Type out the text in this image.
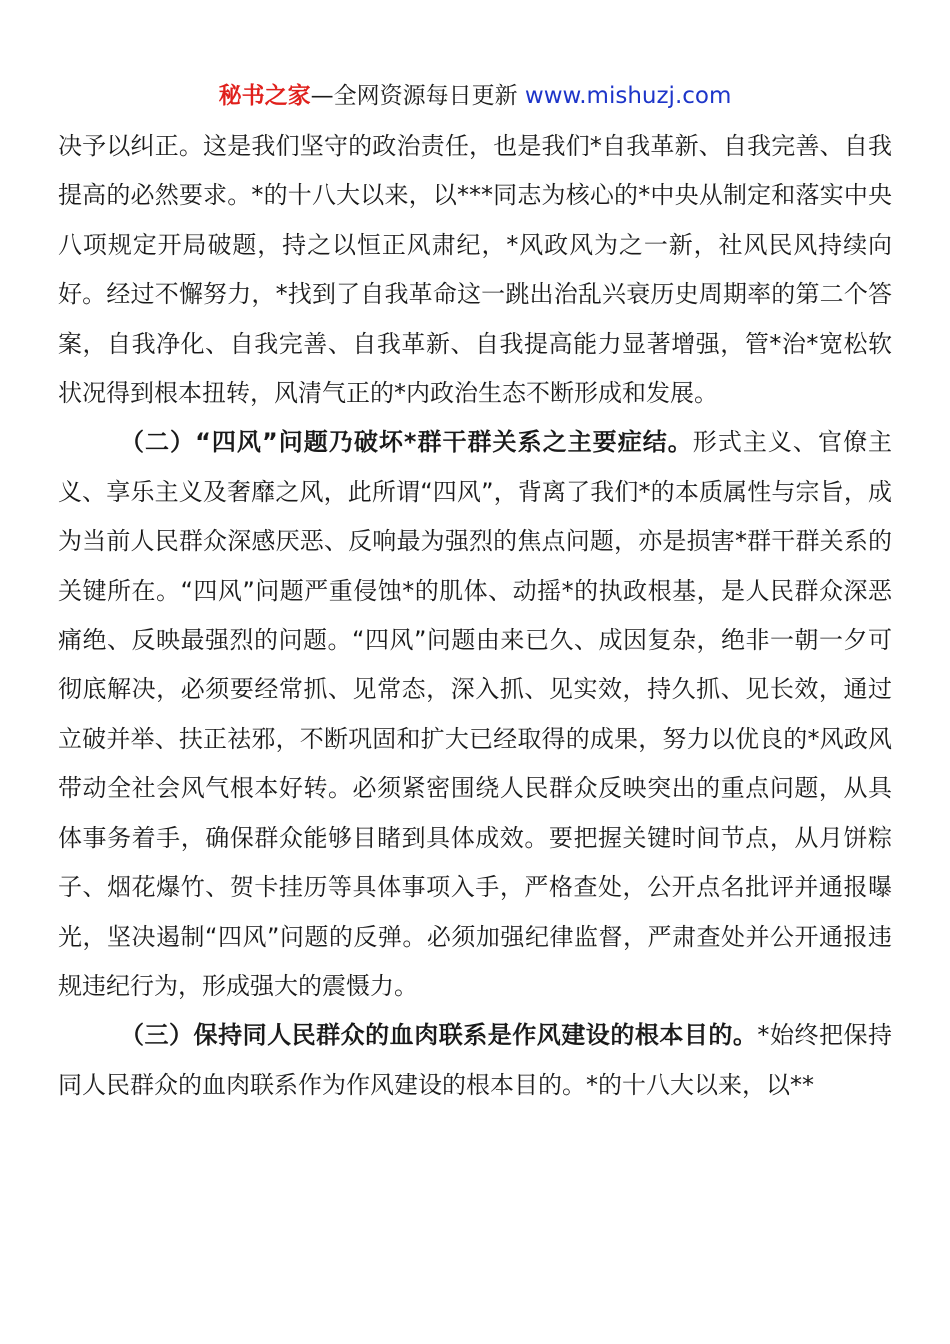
秘书之家—全网资源每日更新 www.mishuzj.com

决予以纠正。这是我们坚守的政治责任，也是我们*自我革新、自我完善、自我提高的必然要求。*的十八大以来，以***同志为核心的*中央从制定和落实中央八项规定开局破题，持之以恒正风肃纪，*风政风为之一新，社风民风持续向好。经过不懈努力，*找到了自我革命这一跳出治乱兴衰历史周期率的第二个答案，自我净化、自我完善、自我革新、自我提高能力显著增强，管*治*宽松软状况得到根本扭转，风清气正的*内政治生态不断形成和发展。

（二）“四风”问题乃破坏*群干群关系之主要症结。形式主义、官僚主义、享乐主义及奢靡之风，此所谓“四风”，背离了我们*的本质属性与宗旨，成为当前人民群众深感厌恶、反响最为强烈的焦点问题，亦是损害*群干群关系的关键所在。“四风”问题严重侵蚀*的肌体、动摇*的执政根基，是人民群众深恶痛绝、反映最强烈的问题。“四风”问题由来已久、成因复杂，绝非一朝一夕可彻底解决，必须要经常抓、见常态，深入抓、见实效，持久抓、见长效，通过立破并举、扶正祛邪，不断巩固和扩大已经取得的成果，努力以优良的*风政风带动全社会风气根本好转。必须紧密围绕人民群众反映突出的重点问题，从具体事务着手，确保群众能够目睹到具体成效。要把握关键时间节点，从月饼粽子、烟花爆竹、贺卡挂历等具体事项入手，严格查处，公开点名批评并通报曝光，坚决遏制“四风”问题的反弹。必须加强纪律监督，严肃查处并公开通报违规违纪行为，形成强大的震慑力。

（三）保持同人民群众的血肉联系是作风建设的根本目的。*始终把保持同人民群众的血肉联系作为作风建设的根本目的。*的十八大以来，以**
